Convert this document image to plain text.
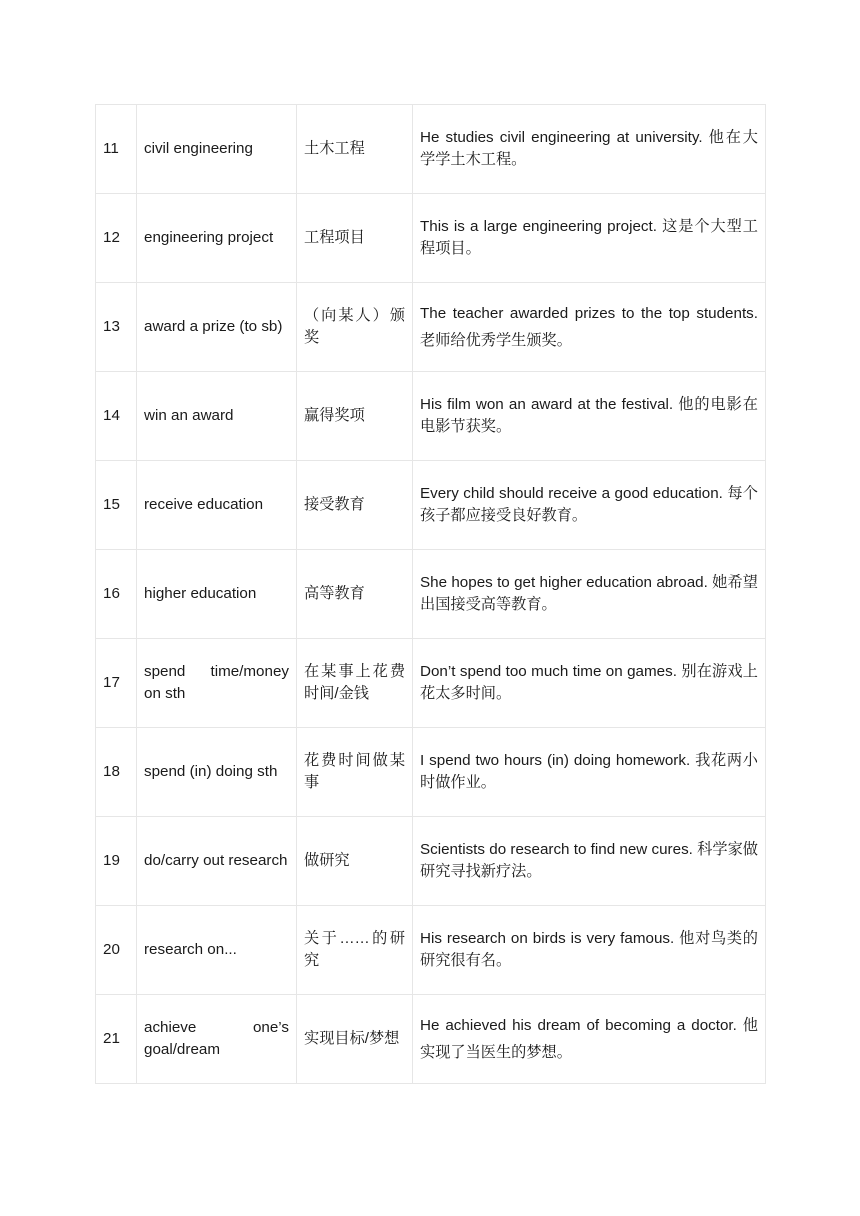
11	civil engineering	土木工程	He studies civil engineering at university. 他在大学学土木工程。
12	engineering project	工程项目	This is a large engineering project. 这是个大型工程项目。
13	award a prize (to sb)	（向某人）颁奖	The teacher awarded prizes to the top students. 老师给优秀学生颁奖。
14	win an award	赢得奖项	His film won an award at the festival. 他的电影在电影节获奖。
15	receive education	接受教育	Every child should receive a good education. 每个孩子都应接受良好教育。
16	higher education	高等教育	She hopes to get higher education abroad. 她希望出国接受高等教育。
17	spend time/money on sth	在某事上花费时间/金钱	Don’t spend too much time on games. 别在游戏上花太多时间。
18	spend (in) doing sth	花费时间做某事	I spend two hours (in) doing homework. 我花两小时做作业。
19	do/carry out research	做研究	Scientists do research to find new cures. 科学家做研究寻找新疗法。
20	research on...	关于……的研究	His research on birds is very famous. 他对鸟类的研究很有名。
21	achieve one’s goal/dream	实现目标/梦想	He achieved his dream of becoming a doctor. 他实现了当医生的梦想。
